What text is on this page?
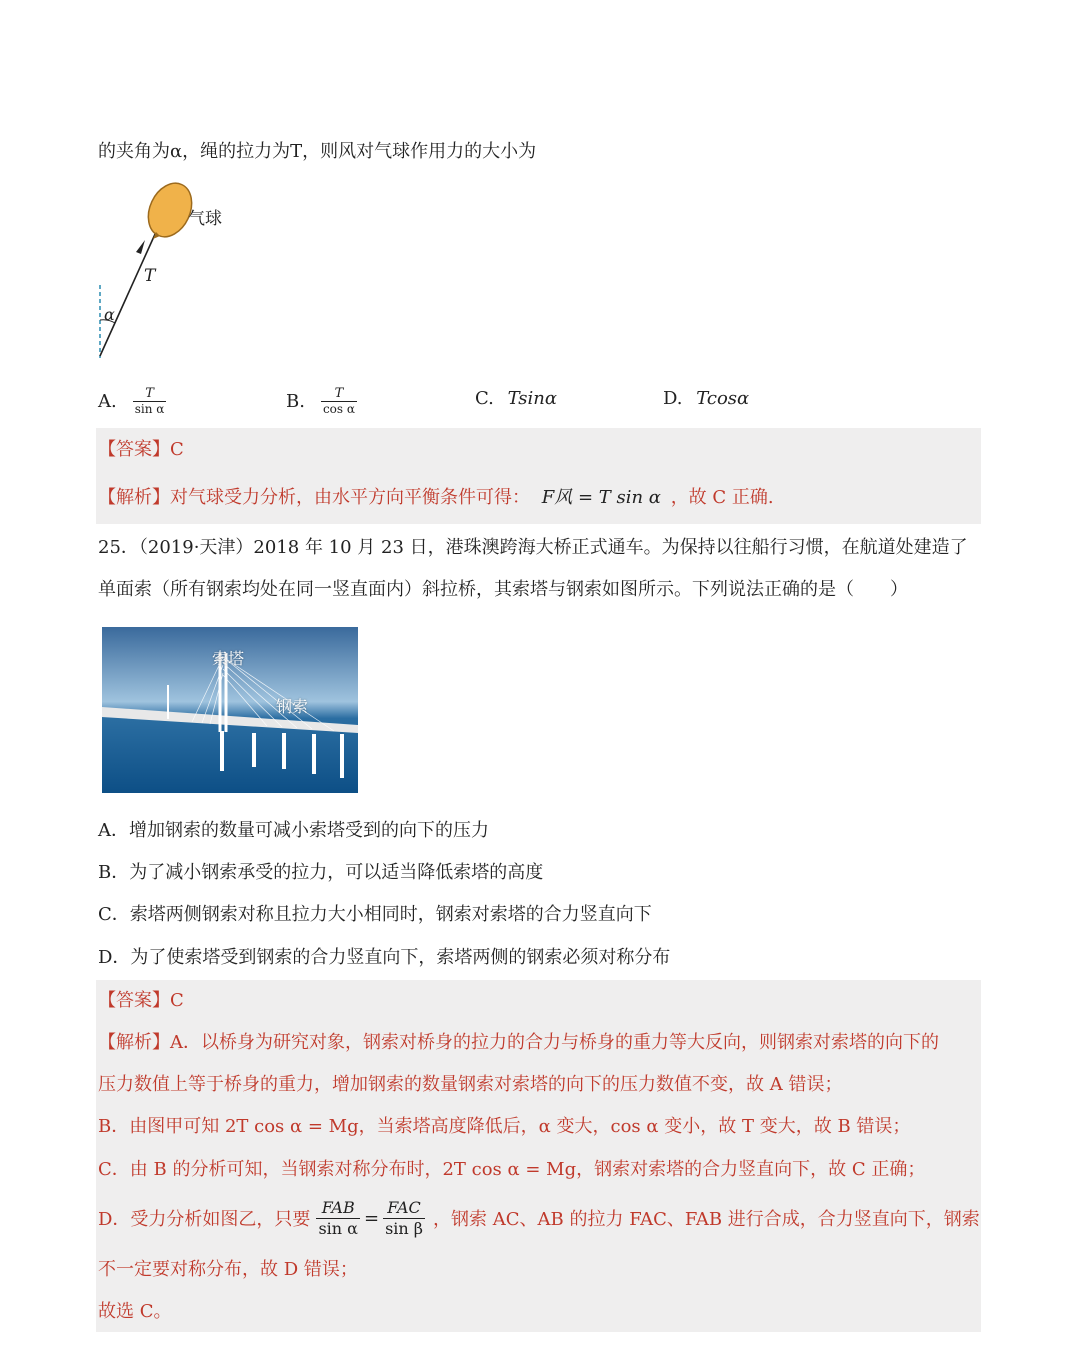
的夹角为α，绳的拉力为T，则风对气球作用力的大小为
气球
T
α
A. $\frac{T}{\text{sin α}}$	B. $\frac{T}{\text{cos α}}$	C. Tsinα	D. Tcosα
【答案】C
【解析】对气球受力分析，由水平方向平衡条件可得： F风 = T sin α ，故 C 正确.
25．（2019·天津）2018 年 10 月 23 日，港珠澳跨海大桥正式通车。为保持以往船行习惯，在航道处建造了
单面索（所有钢索均处在同一竖直面内）斜拉桥，其索塔与钢索如图所示。下列说法正确的是（　　）
索塔
钢索
A．增加钢索的数量可减小索塔受到的向下的压力
B．为了减小钢索承受的拉力，可以适当降低索塔的高度
C．索塔两侧钢索对称且拉力大小相同时，钢索对索塔的合力竖直向下
D．为了使索塔受到钢索的合力竖直向下，索塔两侧的钢索必须对称分布
【答案】C
【解析】A．以桥身为研究对象，钢索对桥身的拉力的合力与桥身的重力等大反向，则钢索对索塔的向下的
压力数值上等于桥身的重力，增加钢索的数量钢索对索塔的向下的压力数值不变，故 A 错误；
B．由图甲可知 2T cos α = Mg，当索塔高度降低后，α 变大，cos α 变小，故 T 变大，故 B 错误；
C．由 B 的分析可知，当钢索对称分布时，2T cos α = Mg，钢索对索塔的合力竖直向下，故 C 正确；
D．受力分析如图乙，只要 $\frac{\text{FAB}}{\text{sin α}} = \frac{\text{FAC}}{\text{sin β}}$ ，钢索 AC、AB 的拉力 FAC、FAB 进行合成，合力竖直向下，钢索
不一定要对称分布，故 D 错误；
故选 C。
